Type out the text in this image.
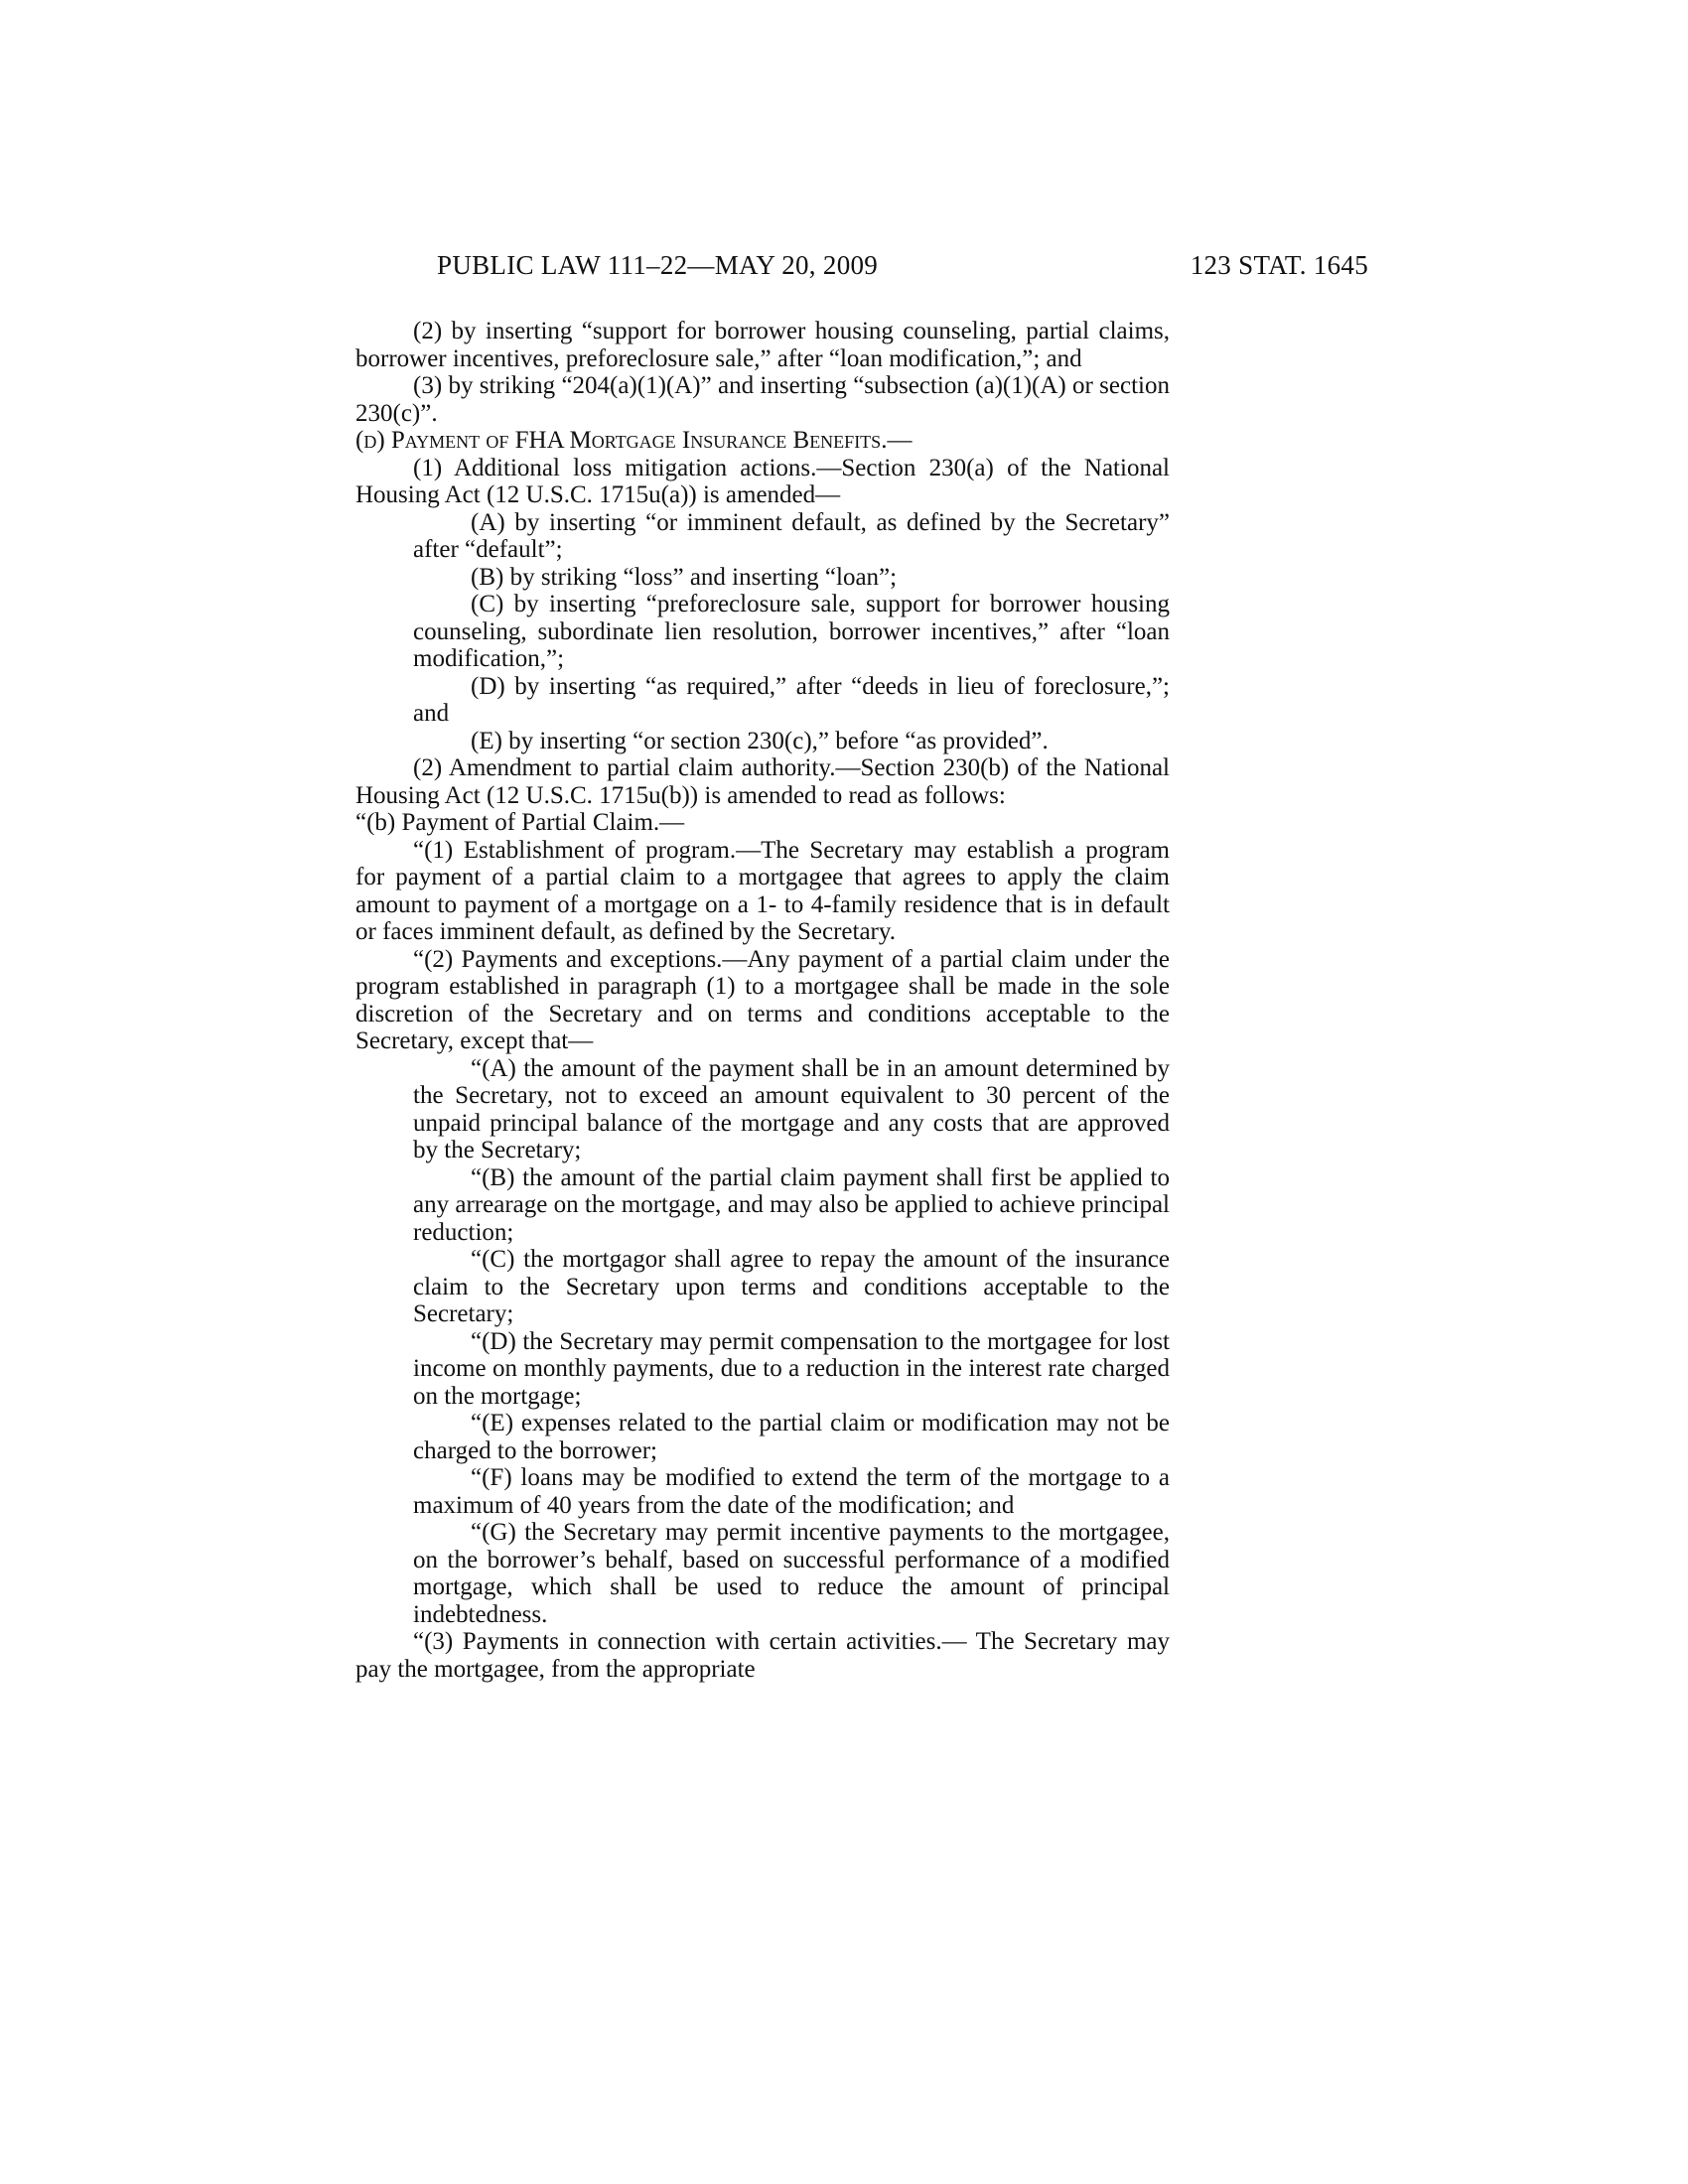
PUBLIC LAW 111–22—MAY 20, 2009	123 STAT. 1645

(2) by inserting “support for borrower housing counseling, partial claims, borrower incentives, preforeclosure sale,” after “loan modification,”; and

(3) by striking “204(a)(1)(A)” and inserting “subsection (a)(1)(A) or section 230(c)”.

(d) Payment of FHA Mortgage Insurance Benefits.—

(1) Additional loss mitigation actions.—Section 230(a) of the National Housing Act (12 U.S.C. 1715u(a)) is amended—

(A) by inserting “or imminent default, as defined by the Secretary” after “default”;

(B) by striking “loss” and inserting “loan”;

(C) by inserting “preforeclosure sale, support for borrower housing counseling, subordinate lien resolution, borrower incentives,” after “loan modification,”;

(D) by inserting “as required,” after “deeds in lieu of foreclosure,”; and

(E) by inserting “or section 230(c),” before “as provided”.

(2) Amendment to partial claim authority.—Section 230(b) of the National Housing Act (12 U.S.C. 1715u(b)) is amended to read as follows:

“(b) Payment of Partial Claim.—

“(1) Establishment of program.—The Secretary may establish a program for payment of a partial claim to a mortgagee that agrees to apply the claim amount to payment of a mortgage on a 1- to 4-family residence that is in default or faces imminent default, as defined by the Secretary.

“(2) Payments and exceptions.—Any payment of a partial claim under the program established in paragraph (1) to a mortgagee shall be made in the sole discretion of the Secretary and on terms and conditions acceptable to the Secretary, except that—

“(A) the amount of the payment shall be in an amount determined by the Secretary, not to exceed an amount equivalent to 30 percent of the unpaid principal balance of the mortgage and any costs that are approved by the Secretary;

“(B) the amount of the partial claim payment shall first be applied to any arrearage on the mortgage, and may also be applied to achieve principal reduction;

“(C) the mortgagor shall agree to repay the amount of the insurance claim to the Secretary upon terms and conditions acceptable to the Secretary;

“(D) the Secretary may permit compensation to the mortgagee for lost income on monthly payments, due to a reduction in the interest rate charged on the mortgage;

“(E) expenses related to the partial claim or modification may not be charged to the borrower;

“(F) loans may be modified to extend the term of the mortgage to a maximum of 40 years from the date of the modification; and

“(G) the Secretary may permit incentive payments to the mortgagee, on the borrower’s behalf, based on successful performance of a modified mortgage, which shall be used to reduce the amount of principal indebtedness.

“(3) Payments in connection with certain activities.— The Secretary may pay the mortgagee, from the appropriate
